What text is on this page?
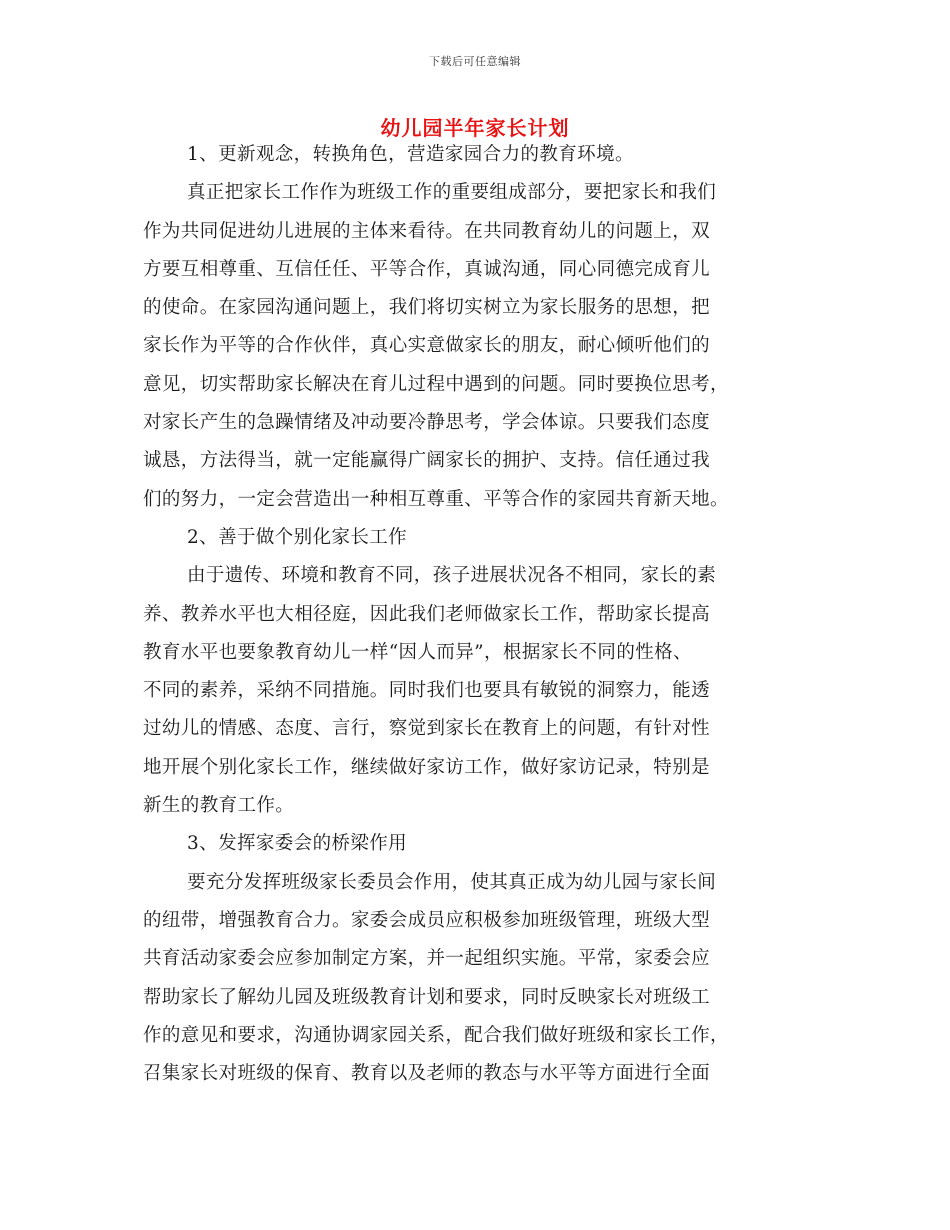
下载后可任意编辑
幼儿园半年家长计划
1、更新观念，转换角色，营造家园合力的教育环境。
真正把家长工作作为班级工作的重要组成部分，要把家长和我们
作为共同促进幼儿进展的主体来看待。在共同教育幼儿的问题上，双
方要互相尊重、互信任任、平等合作，真诚沟通，同心同德完成育儿
的使命。在家园沟通问题上，我们将切实树立为家长服务的思想，把
家长作为平等的合作伙伴，真心实意做家长的朋友，耐心倾听他们的
意见，切实帮助家长解决在育儿过程中遇到的问题。同时要换位思考，
对家长产生的急躁情绪及冲动要冷静思考，学会体谅。只要我们态度
诚恳，方法得当，就一定能赢得广阔家长的拥护、支持。信任通过我
们的努力，一定会营造出一种相互尊重、平等合作的家园共育新天地。
2、善于做个别化家长工作
由于遗传、环境和教育不同，孩子进展状况各不相同，家长的素
养、教养水平也大相径庭，因此我们老师做家长工作，帮助家长提高
教育水平也要象教育幼儿一样“因人而异”，根据家长不同的性格、
不同的素养，采纳不同措施。同时我们也要具有敏锐的洞察力，能透
过幼儿的情感、态度、言行，察觉到家长在教育上的问题，有针对性
地开展个别化家长工作，继续做好家访工作，做好家访记录，特别是
新生的教育工作。
3、发挥家委会的桥梁作用
要充分发挥班级家长委员会作用，使其真正成为幼儿园与家长间
的纽带，增强教育合力。家委会成员应积极参加班级管理，班级大型
共育活动家委会应参加制定方案，并一起组织实施。平常，家委会应
帮助家长了解幼儿园及班级教育计划和要求，同时反映家长对班级工
作的意见和要求，沟通协调家园关系，配合我们做好班级和家长工作，
召集家长对班级的保育、教育以及老师的教态与水平等方面进行全面
